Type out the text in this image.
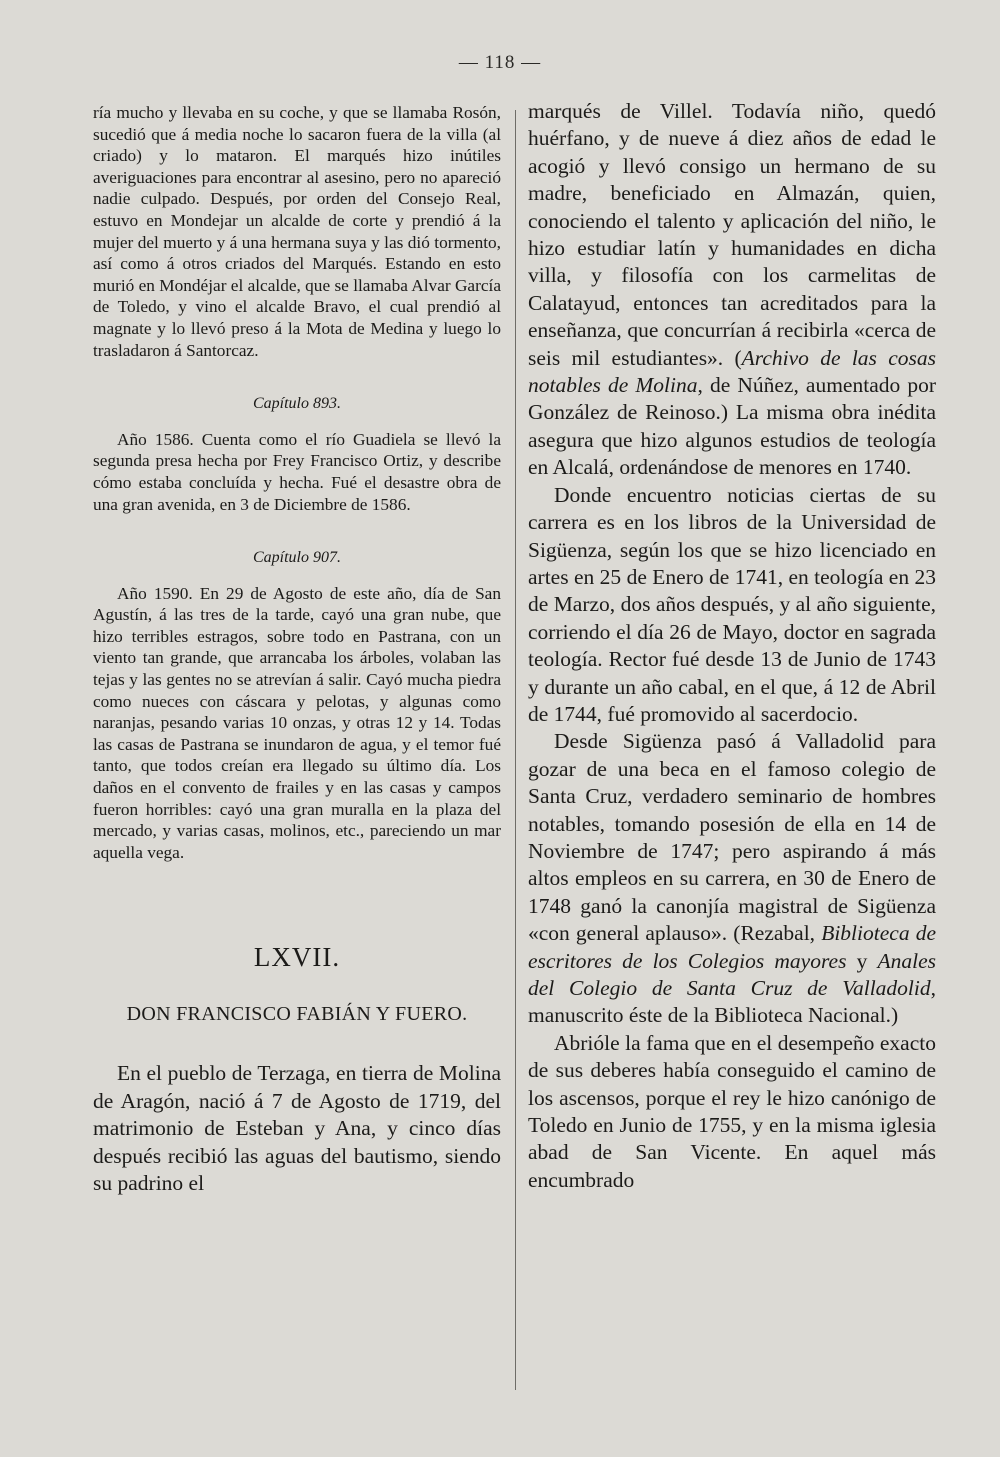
— 118 —

ría mucho y llevaba en su coche, y que se llamaba Rosón, sucedió que á media noche lo sacaron fuera de la villa (al criado) y lo mataron. El marqués hizo inútiles averiguaciones para encontrar al asesino, pero no apareció nadie culpado. Después, por orden del Consejo Real, estuvo en Mondejar un alcalde de corte y prendió á la mujer del muerto y á una hermana suya y las dió tormento, así como á otros criados del Marqués. Estando en esto murió en Mondéjar el alcalde, que se llamaba Alvar García de Toledo, y vino el alcalde Bravo, el cual prendió al magnate y lo llevó preso á la Mota de Medina y luego lo trasladaron á Santorcaz.

Capítulo 893.

Año 1586. Cuenta como el río Guadiela se llevó la segunda presa hecha por Frey Francisco Ortiz, y describe cómo estaba concluída y hecha. Fué el desastre obra de una gran avenida, en 3 de Diciembre de 1586.

Capítulo 907.

Año 1590. En 29 de Agosto de este año, día de San Agustín, á las tres de la tarde, cayó una gran nube, que hizo terribles estragos, sobre todo en Pastrana, con un viento tan grande, que arrancaba los árboles, volaban las tejas y las gentes no se atrevían á salir. Cayó mucha piedra como nueces con cáscara y pelotas, y algunas como naranjas, pesando varias 10 onzas, y otras 12 y 14. Todas las casas de Pastrana se inundaron de agua, y el temor fué tanto, que todos creían era llegado su último día. Los daños en el convento de frailes y en las casas y campos fueron horribles: cayó una gran muralla en la plaza del mercado, y varias casas, molinos, etc., pareciendo un mar aquella vega.

LXVII.
DON FRANCISCO FABIÁN Y FUERO.

En el pueblo de Terzaga, en tierra de Molina de Aragón, nació á 7 de Agosto de 1719, del matrimonio de Esteban y Ana, y cinco días después recibió las aguas del bautismo, siendo su padrino el

marqués de Villel. Todavía niño, quedó huérfano, y de nueve á diez años de edad le acogió y llevó consigo un hermano de su madre, beneficiado en Almazán, quien, conociendo el talento y aplicación del niño, le hizo estudiar latín y humanidades en dicha villa, y filosofía con los carmelitas de Calatayud, entonces tan acreditados para la enseñanza, que concurrían á recibirla «cerca de seis mil estudiantes». (Archivo de las cosas notables de Molina, de Núñez, aumentado por González de Reinoso.) La misma obra inédita asegura que hizo algunos estudios de teología en Alcalá, ordenándose de menores en 1740.

Donde encuentro noticias ciertas de su carrera es en los libros de la Universidad de Sigüenza, según los que se hizo licenciado en artes en 25 de Enero de 1741, en teología en 23 de Marzo, dos años después, y al año siguiente, corriendo el día 26 de Mayo, doctor en sagrada teología. Rector fué desde 13 de Junio de 1743 y durante un año cabal, en el que, á 12 de Abril de 1744, fué promovido al sacerdocio.

Desde Sigüenza pasó á Valladolid para gozar de una beca en el famoso colegio de Santa Cruz, verdadero seminario de hombres notables, tomando posesión de ella en 14 de Noviembre de 1747; pero aspirando á más altos empleos en su carrera, en 30 de Enero de 1748 ganó la canonjía magistral de Sigüenza «con general aplauso». (Rezabal, Biblioteca de escritores de los Colegios mayores y Anales del Colegio de Santa Cruz de Valladolid, manuscrito éste de la Biblioteca Nacional.)

Abrióle la fama que en el desempeño exacto de sus deberes había conseguido el camino de los ascensos, porque el rey le hizo canónigo de Toledo en Junio de 1755, y en la misma iglesia abad de San Vicente. En aquel más encumbrado
